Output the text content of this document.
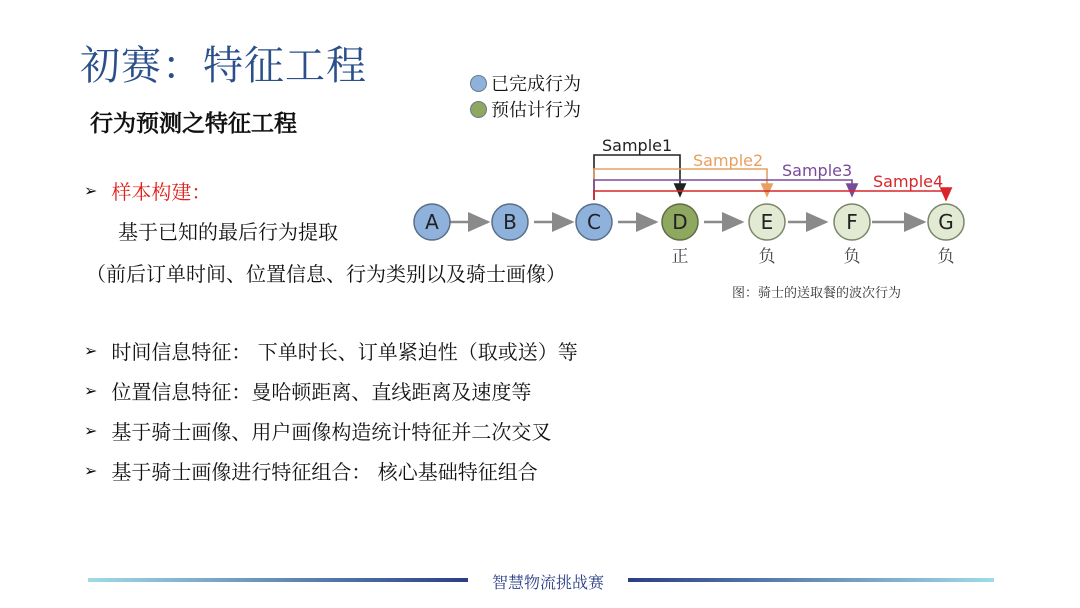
初赛：特征工程
行为预测之特征工程
已完成行为
预估计行为
➢ 样本构建：
基于已知的最后行为提取
（前后订单时间、位置信息、行为类别以及骑士画像）
➢ 时间信息特征： 下单时长、订单紧迫性（取或送）等
➢ 位置信息特征：曼哈顿距离、直线距离及速度等
➢ 基于骑士画像、用户画像构造统计特征并二次交叉
➢ 基于骑士画像进行特征组合： 核心基础特征组合
Sample1
Sample2
Sample3
Sample4
A	B	C	D	E	F	G
正	负	负	负
图：骑士的送取餐的波次行为
智慧物流挑战赛
